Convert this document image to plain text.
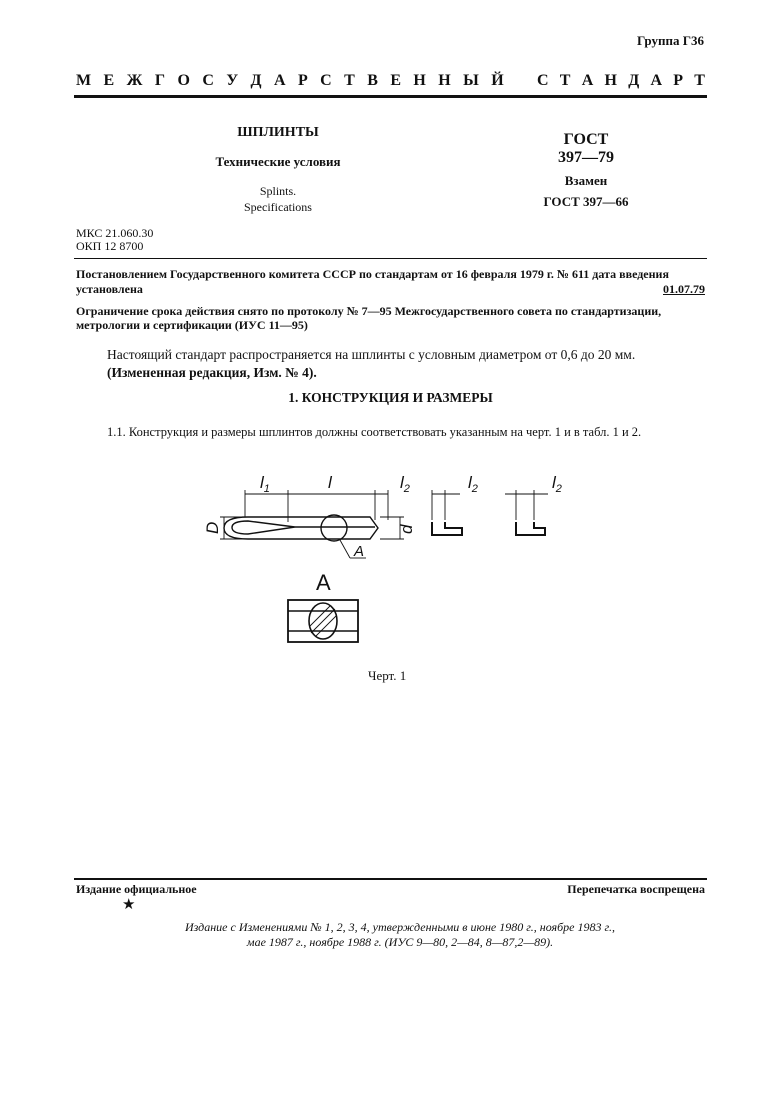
Группа Г36
М Е Ж Г О С У Д А Р С Т В Е Н Н Ы Й С Т А Н Д А Р Т
ШПЛИНТЫ
Технические условия
Splints.
Specifications
ГОСТ
397—79
Взамен
ГОСТ 397—66
МКС 21.060.30
ОКП 12 8700
Постановлением Государственного комитета СССР по стандартам от 16 февраля 1979 г. № 611 дата введения
установлена	01.07.79
Ограничение срока действия снято по протоколу № 7—95 Межгосударственного совета по стандартизации, метрологии и сертификации (ИУС 11—95)
Настоящий стандарт распространяется на шплинты с условным диаметром от 0,6 до 20 мм.
(Измененная редакция, Изм. № 4).
1. КОНСТРУКЦИЯ И РАЗМЕРЫ
1.1. Конструкция и размеры шплинтов должны соответствовать указанным на черт. 1 и в табл. 1 и 2.
$l_1$	l	$l_2$	$l_2$	$l_2$
D	d
A
A
Черт. 1
Издание официальное	Перепечатка воспрещена
★
Издание с Изменениями № 1, 2, 3, 4, утвержденными в июне 1980 г., ноябре 1983 г.,
мае 1987 г., ноябре 1988 г. (ИУС 9—80, 2—84, 8—87,2—89).
